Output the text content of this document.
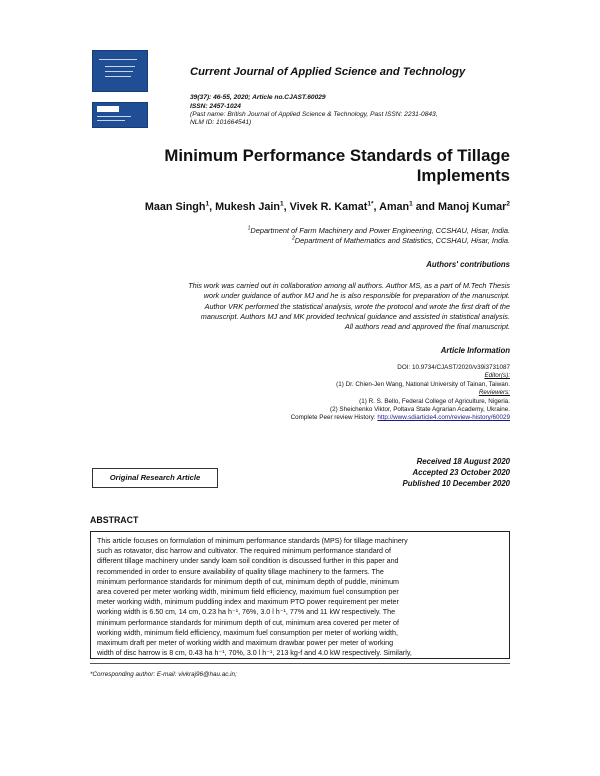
Current Journal of Applied Science and Technology
39(37): 46-55, 2020; Article no.CJAST.60029
ISSN: 2457-1024
(Past name: British Journal of Applied Science & Technology, Past ISSN: 2231-0843,
NLM ID: 101664541)
Minimum Performance Standards of Tillage
Implements
Maan Singh$^1$, Mukesh Jain$^1$, Vivek R. Kamat$^{1*}$, Aman$^1$ and Manoj Kumar$^2$
$^1$Department of Farm Machinery and Power Engineering, CCSHAU, Hisar, India.
$^2$Department of Mathematics and Statistics, CCSHAU, Hisar, India.
Authors' contributions
This work was carried out in collaboration among all authors. Author MS, as a part of M.Tech Thesis
work under guidance of author MJ and he is also responsible for preparation of the manuscript.
Author VRK performed the statistical analysis, wrote the protocol and wrote the first draft of the
manuscript. Authors MJ and MK provided technical guidance and assisted in statistical analysis.
All authors read and approved the final manuscript.
Article Information
DOI: 10.9734/CJAST/2020/v39i3731087
Editor(s):
(1) Dr. Chien-Jen Wang, National University of Tainan, Taiwan.
Reviewers:
(1) R. S. Bello, Federal College of Agriculture, Nigeria.
(2) Sheichenko Viktor, Poltava State Agrarian Academy, Ukraine.
Complete Peer review History: http://www.sdiarticle4.com/review-history/60029
Original Research Article
Received 18 August 2020
Accepted 23 October 2020
Published 10 December 2020
ABSTRACT

This article focuses on formulation of minimum performance standards (MPS) for tillage machinery

such as rotavator, disc harrow and cultivator. The required minimum performance standard of

different tillage machinery under sandy loam soil condition is discussed further in this paper and

recommended in order to ensure availability of quality tillage machinery to the farmers. The

minimum performance standards for minimum depth of cut, minimum depth of puddle, minimum

area covered per meter working width, minimum field efficiency, maximum fuel consumption per

meter working width, minimum puddling index and maximum PTO power requirement per meter

working width is 6.50 cm, 14 cm, 0.23 ha h⁻¹, 76%, 3.0 l h⁻¹, 77% and 11 kW respectively. The

minimum performance standards for minimum depth of cut, minimum area covered per meter of

working width, minimum field efficiency, maximum fuel consumption per meter of working width,

maximum draft per meter of working width and maximum drawbar power per meter of working

width of disc harrow is 8 cm, 0.43 ha h⁻¹, 70%, 3.0 l h⁻¹, 213 kg-f and 4.0 kW respectively. Similarly,

*Corresponding author: E-mail: vivkraj96@hau.ac.in;
